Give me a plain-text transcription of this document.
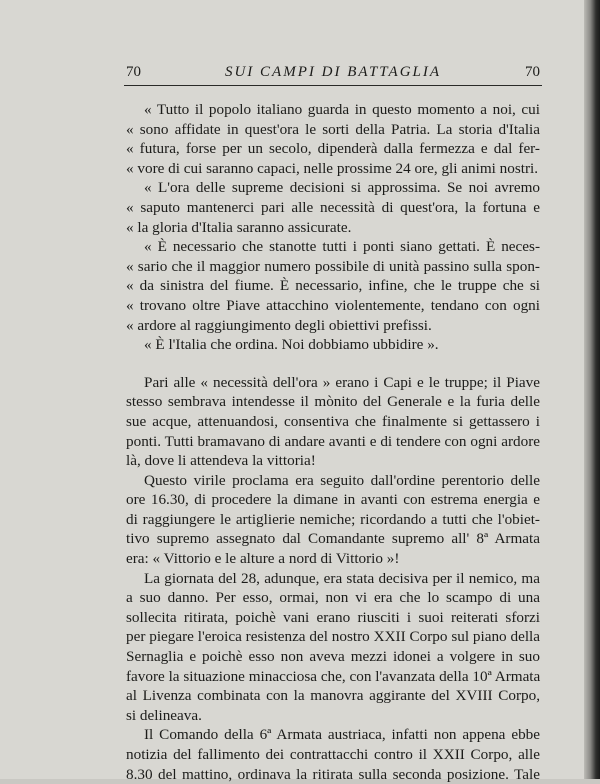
70	SUI CAMPI DI BATTAGLIA	70
« Tutto il popolo italiano guarda in questo momento a noi, cui
« sono affidate in quest'ora le sorti della Patria. La storia d'Italia
« futura, forse per un secolo, dipenderà dalla fermezza e dal fer-
« vore di cui saranno capaci, nelle prossime 24 ore, gli animi nostri.
« L'ora delle supreme decisioni si approssima. Se noi avremo
« saputo mantenerci pari alle necessità di quest'ora, la fortuna e
« la gloria d'Italia saranno assicurate.
« È necessario che stanotte tutti i ponti siano gettati. È neces-
« sario che il maggior numero possibile di unità passino sulla spon-
« da sinistra del fiume. È necessario, infine, che le truppe che si
« trovano oltre Piave attacchino violentemente, tendano con ogni
« ardore al raggiungimento degli obiettivi prefissi.
« È l'Italia che ordina. Noi dobbiamo ubbidire ».
Pari alle « necessità dell'ora » erano i Capi e le truppe; il Piave
stesso sembrava intendesse il mònito del Generale e la furia delle
sue acque, attenuandosi, consentiva che finalmente si gettassero i
ponti. Tutti bramavano di andare avanti e di tendere con ogni ardore
là, dove li attendeva la vittoria!
Questo virile proclama era seguito dall'ordine perentorio delle
ore 16.30, di procedere la dimane in avanti con estrema energia e
di raggiungere le artiglierie nemiche; ricordando a tutti che l'obiet-
tivo supremo assegnato dal Comandante supremo all' 8ª Armata
era: « Vittorio e le alture a nord di Vittorio »!
La giornata del 28, adunque, era stata decisiva per il nemico, ma
a suo danno. Per esso, ormai, non vi era che lo scampo di una
sollecita ritirata, poichè vani erano riusciti i suoi reiterati sforzi
per piegare l'eroica resistenza del nostro XXII Corpo sul piano della
Sernaglia e poichè esso non aveva mezzi idonei a volgere in suo
favore la situazione minacciosa che, con l'avanzata della 10ª Armata
al Livenza combinata con la manovra aggirante del XVIII Corpo,
si delineava.
Il Comando della 6ª Armata austriaca, infatti non appena ebbe
notizia del fallimento dei contrattacchi contro il XXII Corpo, alle
8.30 del mattino, ordinava la ritirata sulla seconda posizione. Tale
